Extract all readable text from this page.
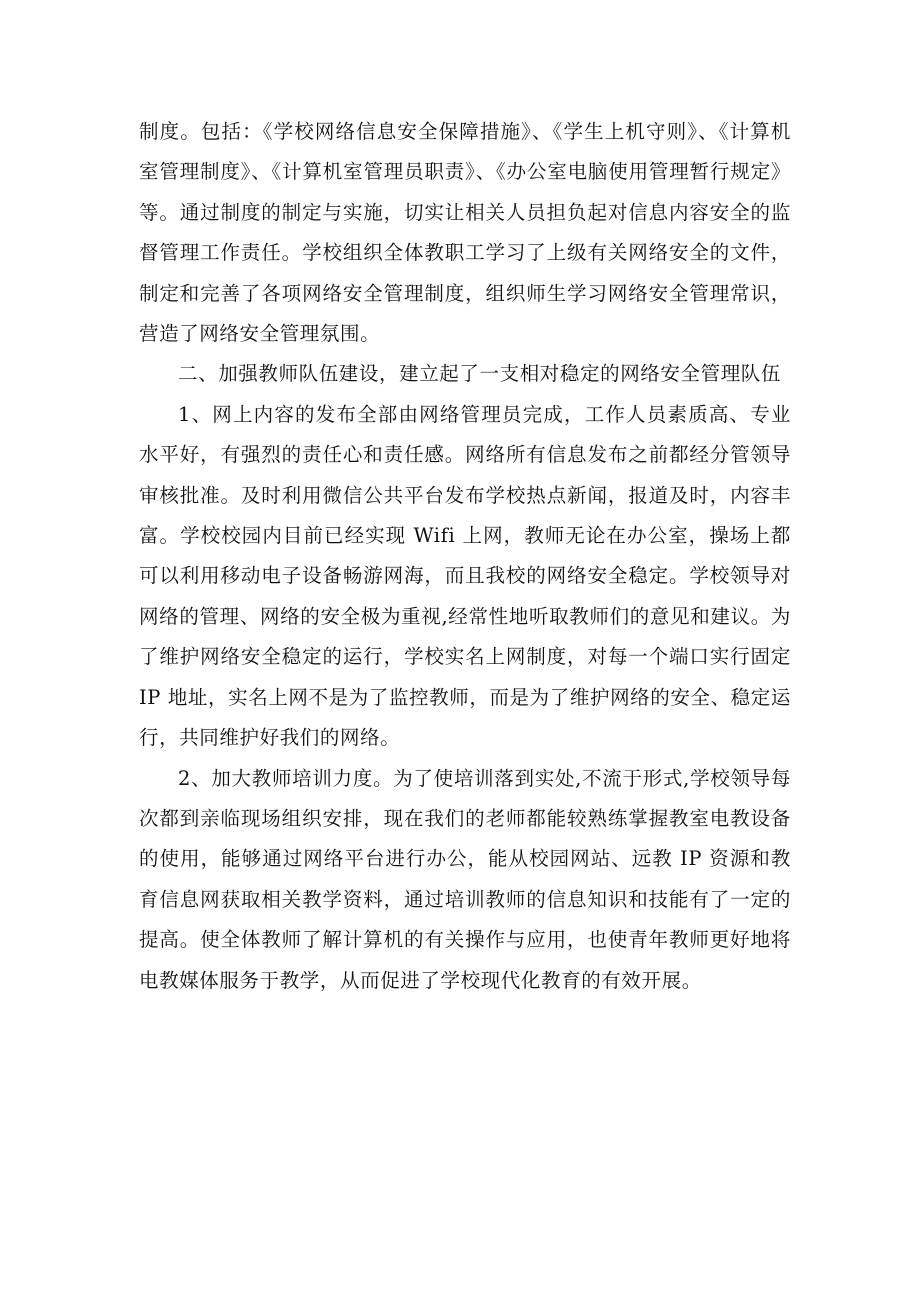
制度。包括：《学校网络信息安全保障措施》、《学生上机守则》、《计算机室管理制度》、《计算机室管理员职责》、《办公室电脑使用管理暂行规定》等。通过制度的制定与实施，切实让相关人员担负起对信息内容安全的监督管理工作责任。学校组织全体教职工学习了上级有关网络安全的文件，制定和完善了各项网络安全管理制度，组织师生学习网络安全管理常识，营造了网络安全管理氛围。

二、加强教师队伍建设，建立起了一支相对稳定的网络安全管理队伍

1、网上内容的发布全部由网络管理员完成，工作人员素质高、专业水平好，有强烈的责任心和责任感。网络所有信息发布之前都经分管领导审核批准。及时利用微信公共平台发布学校热点新闻，报道及时，内容丰富。学校校园内目前已经实现 Wifi 上网，教师无论在办公室，操场上都可以利用移动电子设备畅游网海，而且我校的网络安全稳定。学校领导对网络的管理、网络的安全极为重视,经常性地听取教师们的意见和建议。为了维护网络安全稳定的运行，学校实名上网制度，对每一个端口实行固定 IP 地址，实名上网不是为了监控教师，而是为了维护网络的安全、稳定运行，共同维护好我们的网络。

2、加大教师培训力度。为了使培训落到实处,不流于形式,学校领导每次都到亲临现场组织安排，现在我们的老师都能较熟练掌握教室电教设备的使用，能够通过网络平台进行办公，能从校园网站、远教 IP 资源和教育信息网获取相关教学资料，通过培训教师的信息知识和技能有了一定的提高。使全体教师了解计算机的有关操作与应用，也使青年教师更好地将电教媒体服务于教学，从而促进了学校现代化教育的有效开展。
